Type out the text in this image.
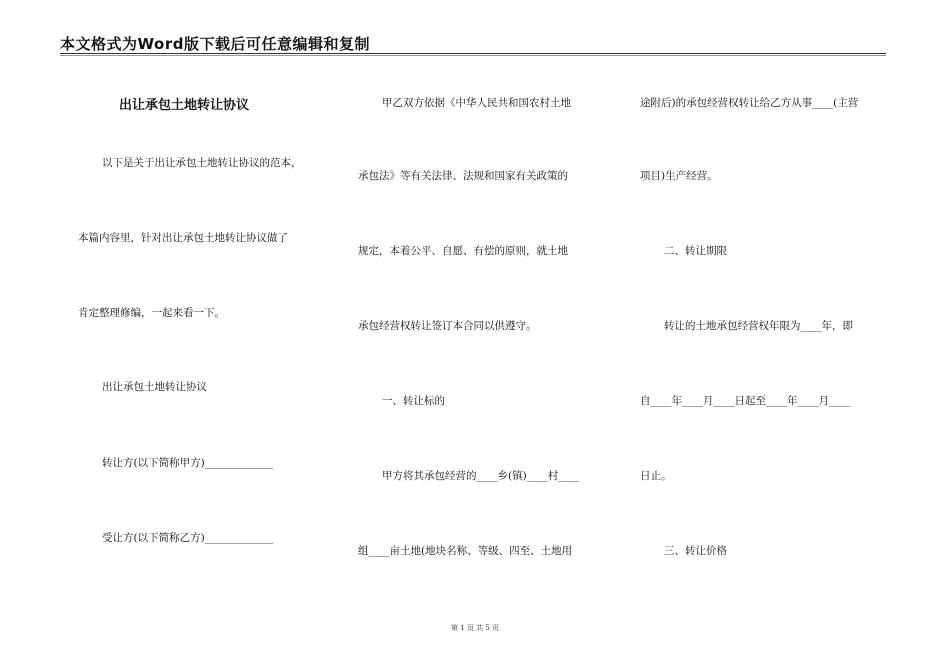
本文格式为Word版下载后可任意编辑和复制
出让承包土地转让协议
以下是关于出让承包土地转让协议的范本，
本篇内容里，针对出让承包土地转让协议做了
肯定整理修编，一起来看一下。
出让承包土地转让协议
转让方(以下简称甲方)_____________
受让方(以下简称乙方)_____________
甲乙双方依据《中华人民共和国农村土地
承包法》等有关法律、法规和国家有关政策的
规定，本着公平、自愿、有偿的原则，就土地
承包经营权转让签订本合同以供遵守。
一、转让标的
甲方将其承包经营的____乡(镇)____村____
组____亩土地(地块名称、等级、四至、土地用
途附后)的承包经营权转让给乙方从事____(主营
项目)生产经营。
二、转让期限
转让的土地承包经营权年限为____年，即
自____年____月____日起至____年____月____
日止。
三、转让价格
第 1 页 共 5 页
